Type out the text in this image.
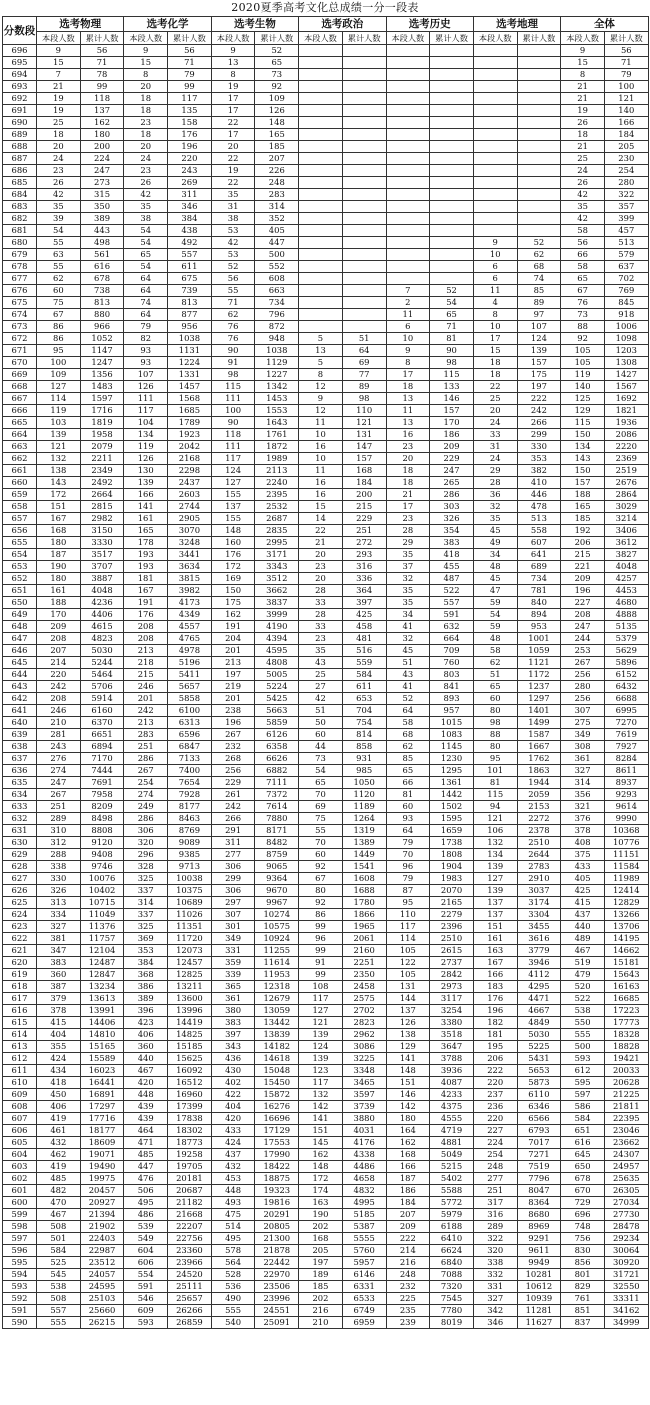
2020夏季高考文化总成绩一分一段表
分数段	选考物理		选考化学		选考生物		选考政治		选考历史		选考地理		全体	
	本段人数	累计人数	本段人数	累计人数	本段人数	累计人数	本段人数	累计人数	本段人数	累计人数	本段人数	累计人数	本段人数	累计人数
696	9	56	9	56	9	52							9	56
695	15	71	15	71	13	65							15	71
694	7	78	8	79	8	73							8	79
693	21	99	20	99	19	92							21	100
692	19	118	18	117	17	109							21	121
691	19	137	18	135	17	126							19	140
690	25	162	23	158	22	148							26	166
689	18	180	18	176	17	165							18	184
688	20	200	20	196	20	185							21	205
687	24	224	24	220	22	207							25	230
686	23	247	23	243	19	226							24	254
685	26	273	26	269	22	248							26	280
684	42	315	42	311	35	283							42	322
683	35	350	35	346	31	314							35	357
682	39	389	38	384	38	352							42	399
681	54	443	54	438	53	405							58	457
680	55	498	54	492	42	447					9	52	56	513
679	63	561	65	557	53	500					10	62	66	579
678	55	616	54	611	52	552					6	68	58	637
677	62	678	64	675	56	608					6	74	65	702
676	60	738	64	739	55	663			7	52	11	85	67	769
675	75	813	74	813	71	734			2	54	4	89	76	845
674	67	880	64	877	62	796			11	65	8	97	73	918
673	86	966	79	956	76	872			6	71	10	107	88	1006
672	86	1052	82	1038	76	948	5	51	10	81	17	124	92	1098
671	95	1147	93	1131	90	1038	13	64	9	90	15	139	105	1203
670	100	1247	93	1224	91	1129	5	69	8	98	18	157	105	1308
669	109	1356	107	1331	98	1227	8	77	17	115	18	175	119	1427
668	127	1483	126	1457	115	1342	12	89	18	133	22	197	140	1567
667	114	1597	111	1568	111	1453	9	98	13	146	25	222	125	1692
666	119	1716	117	1685	100	1553	12	110	11	157	20	242	129	1821
665	103	1819	104	1789	90	1643	11	121	13	170	24	266	115	1936
664	139	1958	134	1923	118	1761	10	131	16	186	33	299	150	2086
663	121	2079	119	2042	111	1872	16	147	23	209	31	330	134	2220
662	132	2211	126	2168	117	1989	10	157	20	229	24	353	143	2369
661	138	2349	130	2298	124	2113	11	168	18	247	29	382	150	2519
660	143	2492	139	2437	127	2240	16	184	18	265	28	410	157	2676
659	172	2664	166	2603	155	2395	16	200	21	286	36	446	188	2864
658	151	2815	141	2744	137	2532	15	215	17	303	32	478	165	3029
657	167	2982	161	2905	155	2687	14	229	23	326	35	513	185	3214
656	168	3150	165	3070	148	2835	22	251	28	354	45	558	192	3406
655	180	3330	178	3248	160	2995	21	272	29	383	49	607	206	3612
654	187	3517	193	3441	176	3171	20	293	35	418	34	641	215	3827
653	190	3707	193	3634	172	3343	23	316	37	455	48	689	221	4048
652	180	3887	181	3815	169	3512	20	336	32	487	45	734	209	4257
651	161	4048	167	3982	150	3662	28	364	35	522	47	781	196	4453
650	188	4236	191	4173	175	3837	33	397	35	557	59	840	227	4680
649	170	4406	176	4349	162	3999	28	425	34	591	54	894	208	4888
648	209	4615	208	4557	191	4190	33	458	41	632	59	953	247	5135
647	208	4823	208	4765	204	4394	23	481	32	664	48	1001	244	5379
646	207	5030	213	4978	201	4595	35	516	45	709	58	1059	253	5629
645	214	5244	218	5196	213	4808	43	559	51	760	62	1121	267	5896
644	220	5464	215	5411	197	5005	25	584	43	803	51	1172	256	6152
643	242	5706	246	5657	219	5224	27	611	41	841	65	1237	280	6432
642	208	5914	201	5858	201	5425	42	653	52	893	60	1297	256	6688
641	246	6160	242	6100	238	5663	51	704	64	957	80	1401	307	6995
640	210	6370	213	6313	196	5859	50	754	58	1015	98	1499	275	7270
639	281	6651	283	6596	267	6126	60	814	68	1083	88	1587	349	7619
638	243	6894	251	6847	232	6358	44	858	62	1145	80	1667	308	7927
637	276	7170	286	7133	268	6626	73	931	85	1230	95	1762	361	8284
636	274	7444	267	7400	256	6882	54	985	65	1295	101	1863	327	8611
635	247	7691	254	7654	229	7111	65	1050	66	1361	81	1944	314	8937
634	267	7958	274	7928	261	7372	70	1120	81	1442	115	2059	356	9293
633	251	8209	249	8177	242	7614	69	1189	60	1502	94	2153	321	9614
632	289	8498	286	8463	266	7880	75	1264	93	1595	121	2272	376	9990
631	310	8808	306	8769	291	8171	55	1319	64	1659	106	2378	378	10368
630	312	9120	320	9089	311	8482	70	1389	79	1738	132	2510	408	10776
629	288	9408	296	9385	277	8759	60	1449	70	1808	134	2644	375	11151
628	338	9746	328	9713	306	9065	92	1541	96	1904	139	2783	433	11584
627	330	10076	325	10038	299	9364	67	1608	79	1983	127	2910	405	11989
626	326	10402	337	10375	306	9670	80	1688	87	2070	139	3037	425	12414
625	313	10715	314	10689	297	9967	92	1780	95	2165	137	3174	415	12829
624	334	11049	337	11026	307	10274	86	1866	110	2279	137	3304	437	13266
623	327	11376	325	11351	301	10575	99	1965	117	2396	151	3455	440	13706
622	381	11757	369	11720	349	10924	96	2061	114	2510	161	3616	489	14195
621	347	12104	353	12073	331	11255	99	2160	105	2615	163	3779	467	14662
620	383	12487	384	12457	359	11614	91	2251	122	2737	167	3946	519	15181
619	360	12847	368	12825	339	11953	99	2350	105	2842	166	4112	479	15643
618	387	13234	386	13211	365	12318	108	2458	131	2973	183	4295	520	16163
617	379	13613	389	13600	361	12679	117	2575	144	3117	176	4471	522	16685
616	378	13991	396	13996	380	13059	127	2702	137	3254	196	4667	538	17223
615	415	14406	423	14419	383	13442	121	2823	126	3380	182	4849	550	17773
614	404	14810	406	14825	397	13839	139	2962	138	3518	181	5030	555	18328
613	355	15165	360	15185	343	14182	124	3086	129	3647	195	5225	500	18828
612	424	15589	440	15625	436	14618	139	3225	141	3788	206	5431	593	19421
611	434	16023	467	16092	430	15048	123	3348	148	3936	222	5653	612	20033
610	418	16441	420	16512	402	15450	117	3465	151	4087	220	5873	595	20628
609	450	16891	448	16960	422	15872	132	3597	146	4233	237	6110	597	21225
608	406	17297	439	17399	404	16276	142	3739	142	4375	236	6346	586	21811
607	419	17716	439	17838	420	16696	141	3880	180	4555	220	6566	584	22395
606	461	18177	464	18302	433	17129	151	4031	164	4719	227	6793	651	23046
605	432	18609	471	18773	424	17553	145	4176	162	4881	224	7017	616	23662
604	462	19071	485	19258	437	17990	162	4338	168	5049	254	7271	645	24307
603	419	19490	447	19705	432	18422	148	4486	166	5215	248	7519	650	24957
602	485	19975	476	20181	453	18875	172	4658	187	5402	277	7796	678	25635
601	482	20457	506	20687	448	19323	174	4832	186	5588	251	8047	670	26305
600	470	20927	495	21182	493	19816	163	4995	184	5772	317	8364	729	27034
599	467	21394	486	21668	475	20291	190	5185	207	5979	316	8680	696	27730
598	508	21902	539	22207	514	20805	202	5387	209	6188	289	8969	748	28478
597	501	22403	549	22756	495	21300	168	5555	222	6410	322	9291	756	29234
596	584	22987	604	23360	578	21878	205	5760	214	6624	320	9611	830	30064
595	525	23512	606	23966	564	22442	197	5957	216	6840	338	9949	856	30920
594	545	24057	554	24520	528	22970	189	6146	248	7088	332	10281	801	31721
593	538	24595	591	25111	536	23506	185	6331	232	7320	331	10612	829	32550
592	508	25103	546	25657	490	23996	202	6533	225	7545	327	10939	761	33311
591	557	25660	609	26266	555	24551	216	6749	235	7780	342	11281	851	34162
590	555	26215	593	26859	540	25091	210	6959	239	8019	346	11627	837	34999
